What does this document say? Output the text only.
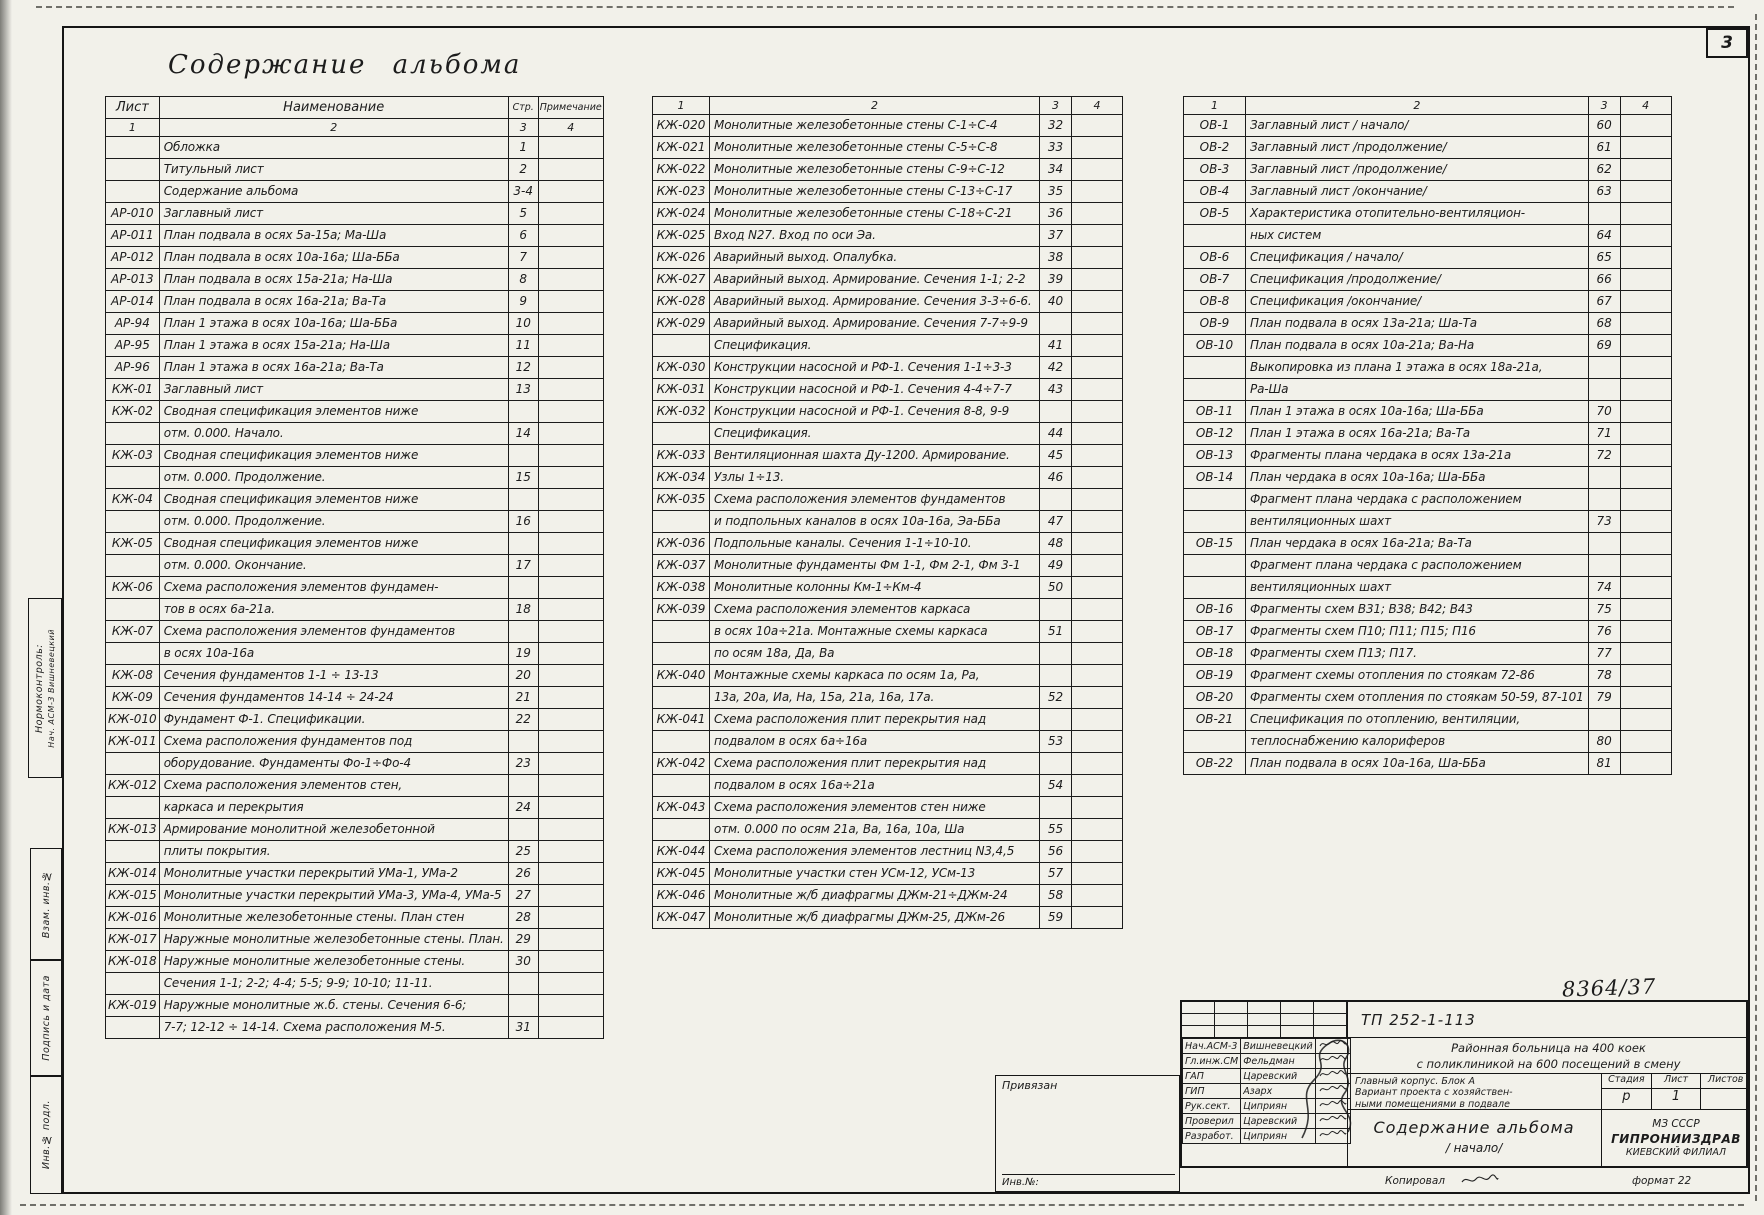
3
Содержание альбома
Лист	Наименование	Стр.	Примечание
1	2	3	4
	Обложка	1	
	Титульный лист	2	
	Содержание альбома	3-4	
АР-010	Заглавный лист	5	
АР-011	План подвала в осях 5а-15а; Ма-Ша	6	
АР-012	План подвала в осях 10а-16а; Ша-ББа	7	
АР-013	План подвала в осях 15а-21а; На-Ша	8	
АР-014	План подвала в осях 16а-21а; Ва-Та	9	
АР-94	План 1 этажа в осях 10а-16а; Ша-ББа	10	
АР-95	План 1 этажа в осях 15а-21а; На-Ша	11	
АР-96	План 1 этажа в осях 16а-21а; Ва-Та	12	
КЖ-01	Заглавный лист	13	
КЖ-02	Сводная спецификация элементов ниже		
	отм. 0.000. Начало.	14	
КЖ-03	Сводная спецификация элементов ниже		
	отм. 0.000. Продолжение.	15	
КЖ-04	Сводная спецификация элементов ниже		
	отм. 0.000. Продолжение.	16	
КЖ-05	Сводная спецификация элементов ниже		
	отм. 0.000. Окончание.	17	
КЖ-06	Схема расположения элементов фундамен-		
	тов в осях 6а-21а.	18	
КЖ-07	Схема расположения элементов фундаментов		
	в осях 10а-16а	19	
КЖ-08	Сечения фундаментов 1-1 ÷ 13-13	20	
КЖ-09	Сечения фундаментов 14-14 ÷ 24-24	21	
КЖ-010	Фундамент Ф-1. Спецификации.	22	
КЖ-011	Схема расположения фундаментов под		
	оборудование. Фундаменты Фо-1÷Фо-4	23	
КЖ-012	Схема расположения элементов стен,		
	каркаса и перекрытия	24	
КЖ-013	Армирование монолитной железобетонной		
	плиты покрытия.	25	
КЖ-014	Монолитные участки перекрытий УМа-1, УМа-2	26	
КЖ-015	Монолитные участки перекрытий УМа-3, УМа-4, УМа-5	27	
КЖ-016	Монолитные железобетонные стены. План стен	28	
КЖ-017	Наружные монолитные железобетонные стены. План.	29	
КЖ-018	Наружные монолитные железобетонные стены.	30	
	Сечения 1-1; 2-2; 4-4; 5-5; 9-9; 10-10; 11-11.		
КЖ-019	Наружные монолитные ж.б. стены. Сечения 6-6;		
	7-7; 12-12 ÷ 14-14. Схема расположения М-5.	31	
1	2	3	4
КЖ-020	Монолитные железобетонные стены С-1÷С-4	32	
КЖ-021	Монолитные железобетонные стены С-5÷С-8	33	
КЖ-022	Монолитные железобетонные стены С-9÷С-12	34	
КЖ-023	Монолитные железобетонные стены С-13÷С-17	35	
КЖ-024	Монолитные железобетонные стены С-18÷С-21	36	
КЖ-025	Вход N27. Вход по оси Эа.	37	
КЖ-026	Аварийный выход. Опалубка.	38	
КЖ-027	Аварийный выход. Армирование. Сечения 1-1; 2-2	39	
КЖ-028	Аварийный выход. Армирование. Сечения 3-3÷6-6.	40	
КЖ-029	Аварийный выход. Армирование. Сечения 7-7÷9-9		
	Спецификация.	41	
КЖ-030	Конструкции насосной и РФ-1. Сечения 1-1÷3-3	42	
КЖ-031	Конструкции насосной и РФ-1. Сечения 4-4÷7-7	43	
КЖ-032	Конструкции насосной и РФ-1. Сечения 8-8, 9-9		
	Спецификация.	44	
КЖ-033	Вентиляционная шахта Ду-1200. Армирование.	45	
КЖ-034	Узлы 1÷13.	46	
КЖ-035	Схема расположения элементов фундаментов		
	и подпольных каналов в осях 10а-16а, Эа-ББа	47	
КЖ-036	Подпольные каналы. Сечения 1-1÷10-10.	48	
КЖ-037	Монолитные фундаменты Фм 1-1, Фм 2-1, Фм 3-1	49	
КЖ-038	Монолитные колонны Км-1÷Км-4	50	
КЖ-039	Схема расположения элементов каркаса		
	в осях 10а÷21а. Монтажные схемы каркаса	51	
	по осям 18а, Да, Ва		
КЖ-040	Монтажные схемы каркаса по осям 1а, Ра,		
	13а, 20а, Иа, На, 15а, 21а, 16а, 17а.	52	
КЖ-041	Схема расположения плит перекрытия над		
	подвалом в осях 6а÷16а	53	
КЖ-042	Схема расположения плит перекрытия над		
	подвалом в осях 16а÷21а	54	
КЖ-043	Схема расположения элементов стен ниже		
	отм. 0.000 по осям 21а, Ва, 16а, 10а, Ша	55	
КЖ-044	Схема расположения элементов лестниц N3,4,5	56	
КЖ-045	Монолитные участки стен УСм-12, УСм-13	57	
КЖ-046	Монолитные ж/б диафрагмы ДЖм-21÷ДЖм-24	58	
КЖ-047	Монолитные ж/б диафрагмы ДЖм-25, ДЖм-26	59	
1	2	3	4
ОВ-1	Заглавный лист / начало/	60	
ОВ-2	Заглавный лист /продолжение/	61	
ОВ-3	Заглавный лист /продолжение/	62	
ОВ-4	Заглавный лист /окончание/	63	
ОВ-5	Характеристика отопительно-вентиляцион-		
	ных систем	64	
ОВ-6	Спецификация / начало/	65	
ОВ-7	Спецификация /продолжение/	66	
ОВ-8	Спецификация /окончание/	67	
ОВ-9	План подвала в осях 13а-21а; Ша-Та	68	
ОВ-10	План подвала в осях 10а-21а; Ва-На	69	
	Выкопировка из плана 1 этажа в осях 18а-21а,		
	Ра-Ша		
ОВ-11	План 1 этажа в осях 10а-16а; Ша-ББа	70	
ОВ-12	План 1 этажа в осях 16а-21а; Ва-Та	71	
ОВ-13	Фрагменты плана чердака в осях 13а-21а	72	
ОВ-14	План чердака в осях 10а-16а; Ша-ББа		
	Фрагмент плана чердака с расположением		
	вентиляционных шахт	73	
ОВ-15	План чердака в осях 16а-21а; Ва-Та		
	Фрагмент плана чердака с расположением		
	вентиляционных шахт	74	
ОВ-16	Фрагменты схем В31; В38; В42; В43	75	
ОВ-17	Фрагменты схем П10; П11; П15; П16	76	
ОВ-18	Фрагменты схем П13; П17.	77	
ОВ-19	Фрагмент схемы отопления по стоякам 72-86	78	
ОВ-20	Фрагменты схем отопления по стоякам 50-59, 87-101	79	
ОВ-21	Спецификация по отоплению, вентиляции,		
	теплоснабжению калориферов	80	
ОВ-22	План подвала в осях 10а-16а, Ша-ББа	81	
Нормоконтроль: Нач. АСМ-3 Вишневецкий
Взам. инв.№
Подпись и дата
Инв.№ подл.
8364/37
Привязан
Инв.№:
ТП 252-1-113
Нач.АСМ-3	Вишневецкий	
Гл.инж.СМ	Фельдман	
ГАП	Царевский	
ГИП	Азарх	
Рук.сект.	Циприян	
Проверил	Царевский	
Разработ.	Циприян	
Районная больница на 400 коек
с поликлиникой на 600 посещений в смену
Главный корпус. Блок А
Вариант проекта с хозяйствен-
ными помещениями в подвале
Стадия	Лист	Листов
р	1
Содержание альбома
/ начало/
МЗ СССР
ГИПРОНИИЗДРАВ
КИЕВСКИЙ ФИЛИАЛ
Копировал	формат 22
